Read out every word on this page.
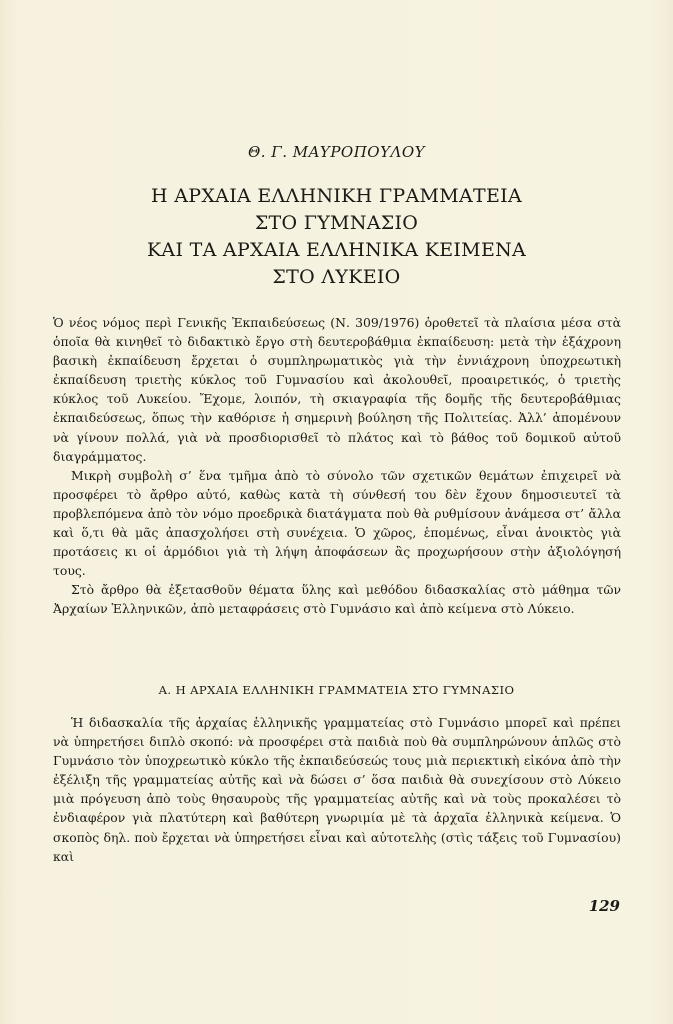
Θ. Γ. ΜΑΥΡΟΠΟΥΛΟΥ
Η ΑΡΧΑΙΑ ΕΛΛΗΝΙΚΗ ΓΡΑΜΜΑΤΕΙΑ
ΣΤΟ ΓΥΜΝΑΣΙΟ
ΚΑΙ ΤΑ ΑΡΧΑΙΑ ΕΛΛΗΝΙΚΑ ΚΕΙΜΕΝΑ
ΣΤΟ ΛΥΚΕΙΟ

Ὁ νέος νόμος περὶ Γενικῆς Ἐκπαιδεύσεως (Ν. 309/1976) ὁροθετεῖ τὰ πλαίσια μέσα στὰ ὁποῖα θὰ κινηθεῖ τὸ διδακτικὸ ἔργο στὴ δευτεροβάθμια ἐκπαίδευση: μετὰ τὴν ἑξάχρονη βασικὴ ἐκπαίδευση ἔρχεται ὁ συμπληρωματικὸς γιὰ τὴν ἐννιάχρονη ὑποχρεωτικὴ ἐκπαίδευση τριετὴς κύκλος τοῦ Γυμνασίου καὶ ἀκολουθεῖ, προαιρετικός, ὁ τριετὴς κύκλος τοῦ Λυκείου. Ἔχομε, λοιπόν, τὴ σκιαγραφία τῆς δομῆς τῆς δευτεροβάθμιας ἐκπαιδεύσεως, ὅπως τὴν καθόρισε ἡ σημερινὴ βούληση τῆς Πολιτείας. Ἀλλ’ ἀπομένουν νὰ γίνουν πολλά, γιὰ νὰ προσδιορισθεῖ τὸ πλάτος καὶ τὸ βάθος τοῦ δομικοῦ αὐτοῦ διαγράμματος.

Μικρὴ συμβολὴ σ’ ἕνα τμῆμα ἀπὸ τὸ σύνολο τῶν σχετικῶν θεμάτων ἐπιχειρεῖ νὰ προσφέρει τὸ ἄρθρο αὐτό, καθὼς κατὰ τὴ σύνθεσή του δὲν ἔχουν δημοσιευτεῖ τὰ προβλεπόμενα ἀπὸ τὸν νόμο προεδρικὰ διατάγματα ποὺ θὰ ρυθμίσουν ἀνάμεσα στ’ ἄλλα καὶ ὅ,τι θὰ μᾶς ἀπασχολήσει στὴ συνέχεια. Ὁ χῶρος, ἑπομένως, εἶναι ἀνοικτὸς γιὰ προτάσεις κι οἱ ἁρμόδιοι γιὰ τὴ λήψη ἀποφάσεων ἂς προχωρήσουν στὴν ἀξιολόγησή τους.

Στὸ ἄρθρο θὰ ἐξετασθοῦν θέματα ὕλης καὶ μεθόδου διδασκαλίας στὸ μάθημα τῶν Ἀρχαίων Ἑλληνικῶν, ἀπὸ μεταφράσεις στὸ Γυμνάσιο καὶ ἀπὸ κείμενα στὸ Λύκειο.

Α. Η ΑΡΧΑΙΑ ΕΛΛΗΝΙΚΗ ΓΡΑΜΜΑΤΕΙΑ ΣΤΟ ΓΥΜΝΑΣΙΟ

Ἡ διδασκαλία τῆς ἀρχαίας ἑλληνικῆς γραμματείας στὸ Γυμνάσιο μπορεῖ καὶ πρέπει νὰ ὑπηρετήσει διπλὸ σκοπό: νὰ προσφέρει στὰ παιδιὰ ποὺ θὰ συμπληρώνουν ἁπλῶς στὸ Γυμνάσιο τὸν ὑποχρεωτικὸ κύκλο τῆς ἐκπαιδεύσεώς τους μιὰ περιεκτικὴ εἰκόνα ἀπὸ τὴν ἐξέλιξη τῆς γραμματείας αὐτῆς καὶ νὰ δώσει σ’ ὅσα παιδιὰ θὰ συνεχίσουν στὸ Λύκειο μιὰ πρόγευση ἀπὸ τοὺς θησαυροὺς τῆς γραμματείας αὐτῆς καὶ νὰ τοὺς προκαλέσει τὸ ἐνδιαφέρον γιὰ πλατύτερη καὶ βαθύτερη γνωριμία μὲ τὰ ἀρχαῖα ἑλληνικὰ κείμενα. Ὁ σκοπὸς δηλ. ποὺ ἔρχεται νὰ ὑπηρετήσει εἶναι καὶ αὐτοτελὴς (στὶς τάξεις τοῦ Γυμνασίου) καὶ

129
